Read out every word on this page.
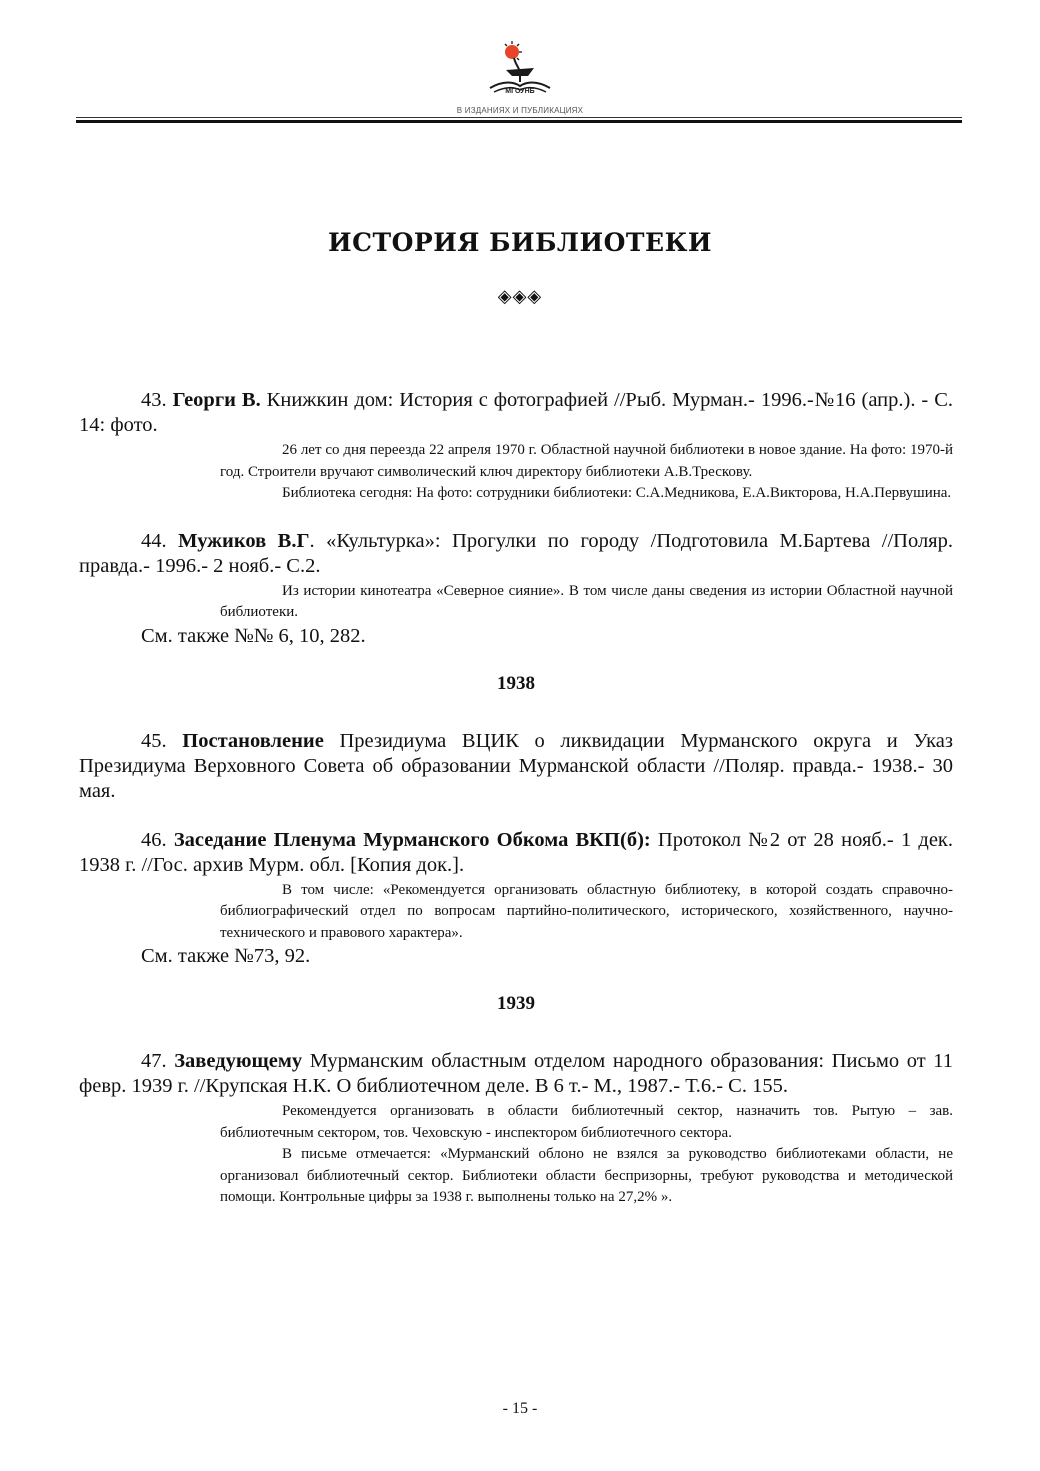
МГОУНБ
В ИЗДАНИЯХ И ПУБЛИКАЦИЯХ
ИСТОРИЯ БИБЛИОТЕКИ
◈◈◈

43. Георги В. Книжкин дом: История с фотографией //Рыб. Мурман.- 1996.-№16 (апр.). - С. 14: фото.

26 лет со дня переезда 22 апреля 1970 г. Областной научной библиотеки в новое здание. На фото: 1970-й год. Строители вручают символический ключ директору библиотеки А.В.Трескову.
Библиотека сегодня: На фото: сотрудники библиотеки: С.А.Медникова, Е.А.Викторова, Н.А.Первушина.

44. Мужиков В.Г. «Культурка»: Прогулки по городу /Подготовила М.Бартева //Поляр. правда.- 1996.- 2 нояб.- С.2.

Из истории кинотеатра «Северное сияние». В том числе даны сведения из истории Областной научной библиотеки.

См. также №№ 6, 10, 282.

1938

45. Постановление Президиума ВЦИК о ликвидации Мурманского округа и Указ Президиума Верховного Совета об образовании Мурманской области //Поляр. правда.- 1938.- 30 мая.

46. Заседание Пленума Мурманского Обкома ВКП(б): Протокол №2 от 28 нояб.- 1 дек. 1938 г. //Гос. архив Мурм. обл. [Копия док.].

В том числе: «Рекомендуется организовать областную библиотеку, в которой создать справочно-библиографический отдел по вопросам партийно-политического, исторического, хозяйственного, научно-технического и правового характера».

См. также №73, 92.

1939

47. Заведующему Мурманским областным отделом народного образования: Письмо от 11 февр. 1939 г. //Крупская Н.К. О библиотечном деле. В 6 т.- М., 1987.- Т.6.- С. 155.

Рекомендуется организовать в области библиотечный сектор, назначить тов. Рытую – зав. библиотечным сектором, тов. Чеховскую - инспектором библиотечного сектора.
В письме отмечается: «Мурманский облоно не взялся за руководство библиотеками области, не организовал библиотечный сектор. Библиотеки области беспризорны, требуют руководства и методической помощи. Контрольные цифры за 1938 г. выполнены только на 27,2% ».
- 15 -
